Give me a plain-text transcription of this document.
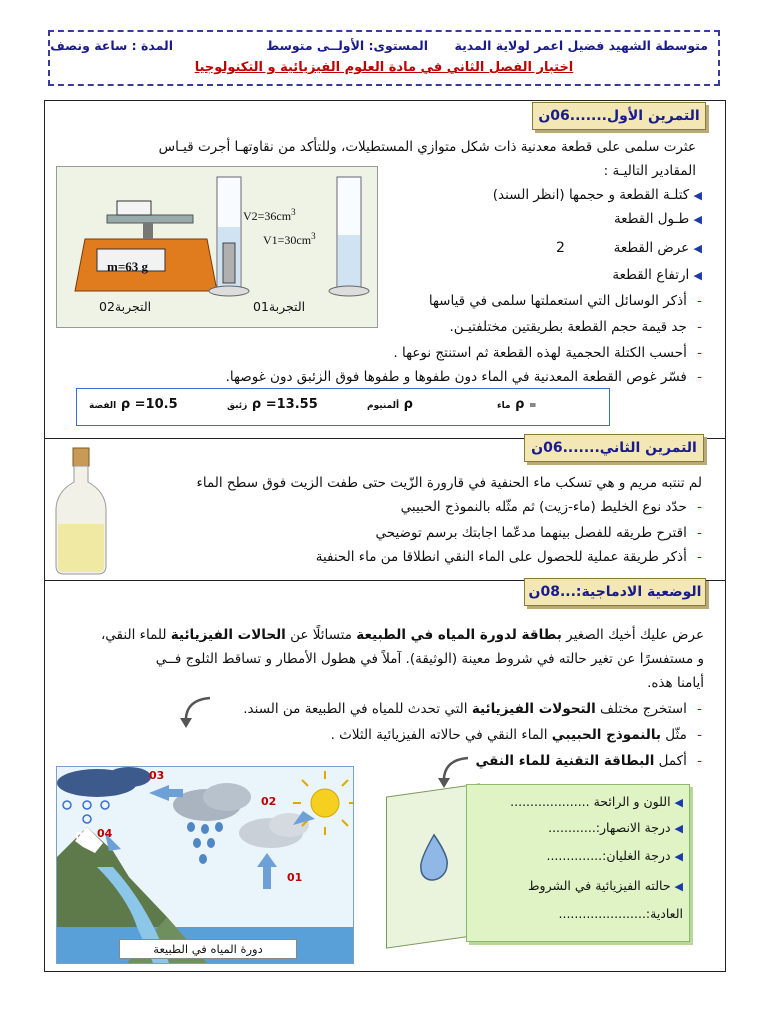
متوسطة الشهيد فضيل اعمر لولاية المدية
المستوى: الأولــى متوسط
المدة : ساعة ونصف
اختبار الفصل الثاني في مادة العلوم الفيزيائية و التكنولوجيا
التمرين الأول.......06ن
عثرت سلمى على قطعة معدنية ذات شكل متوازي المستطيلات، وللتأكد من نقاوتهـا أجرت قيـاس
المقادير التاليـة :
◀ كتلـة القطعة و حجمها (انظر السند)
◀ طـول القطعة
◀ عرض القطعة
2
◀ ارتفاع القطعة
- أذكر الوسائل التي استعملتها سلمى في قياسها
- جد قيمة حجم القطعة بطريقتين مختلفتيـن.
- أحسب الكتلة الحجمية لهذه القطعة ثم استنتج نوعها .
- فسّر غوص القطعة المعدنية في الماء دون طفوها و طفوها فوق الزئبق دون غوصها.
m=63 g
$V2=36cm^3$
$V1=30cm^3$
التجربة01
التجربة02
الفضة ρ =10.5	زئبق ρ =13.55	ألمنيوم ρ	ماء ρ =
التمرين الثاني.......06ن
لم تنتبه مريم و هي تسكب ماء الحنفية في قارورة الزّيت حتى طفت الزيت فوق سطح الماء
- حدّد نوع الخليط (ماء-زيت) ثم مثّله بالنموذج الحبيبي
- اقترح طريقه للفصل بينهما مدعّما اجابتك برسم توضيحي
- أذكر طريقة عملية للحصول على الماء النقي انطلاقا من ماء الحنفية
الوضعية الادماجية:...08ن
عرض عليك أخيك الصغير بطاقة لدورة المياه في الطبيعة متسائلًا عن الحالات الفيزيائية للماء النقي،
و مستفسرًا عن تغير حالته في شروط معينة (الوثيقة). آملاً في هطول الأمطار و تساقط الثلوج فــي
أيامنا هذه.
- استخرج مختلف التحولات الفيزيائية التي تحدث للمياه في الطبيعة من السند.
- مثّل بالنموذج الحبيبي الماء النقي في حالاته الفيزيائية الثلاث .
- أكمل البطاقة التقنية للماء النقي
03
02
01
04
ثلج
دورة المياه في الطبيعة
◀ اللون و الرائحة ....................
◀ درجة الانصهار:............
◀ درجة الغليان:..............
◀ حالته الفيزيائية في الشروط
العادية:......................
